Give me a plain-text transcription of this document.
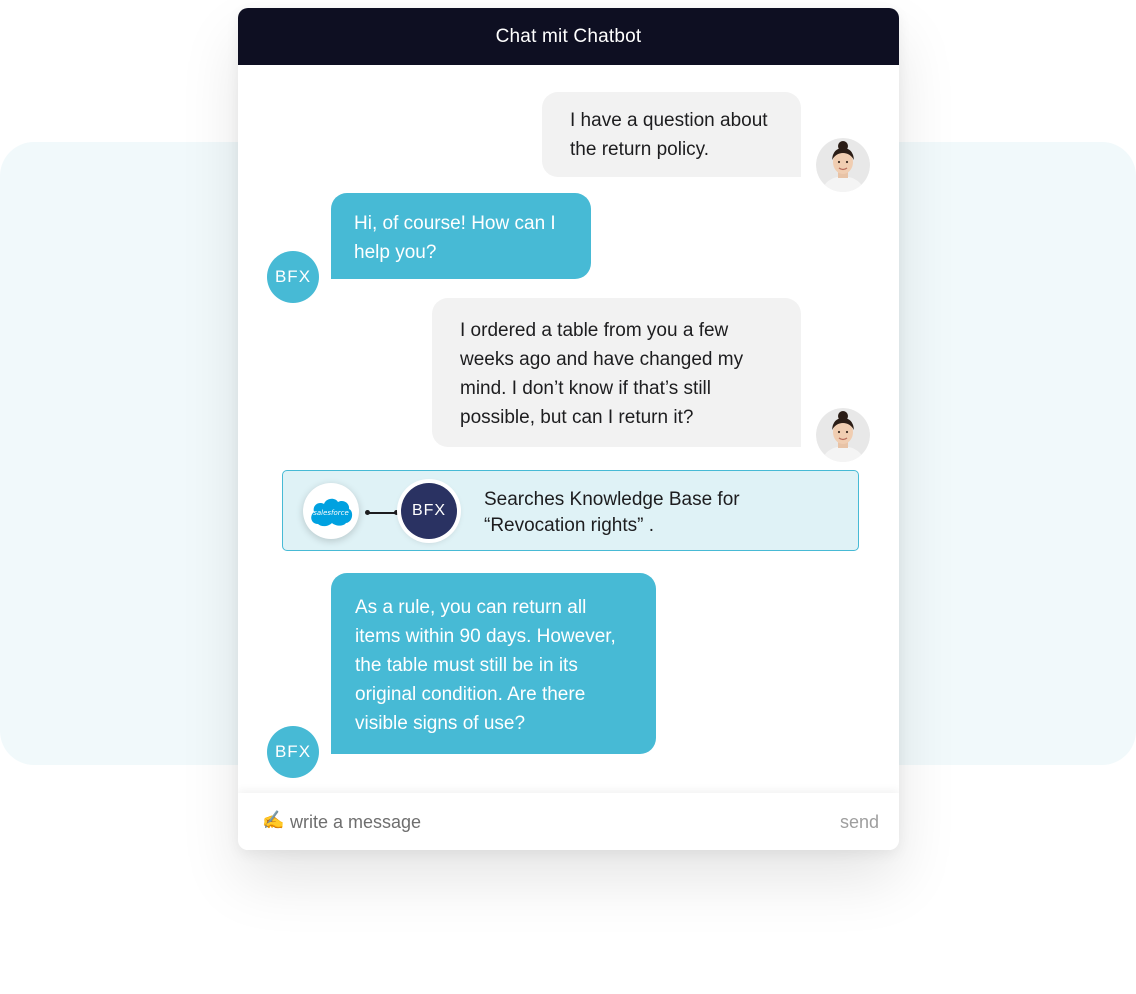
Chat mit Chatbot
I have a question about the return policy.
BFX
Hi, of course! How can I help you?
I ordered a table from you a few weeks ago and have changed my mind. I don’t know if that’s still possible, but can I return it?
salesforce	BFX
Searches Knowledge Base for “Revocation rights” .
BFX
As a rule, you can return all items within 90 days. However, the table must still be in its original condition. Are there visible signs of use?
✍️
write a message	send
